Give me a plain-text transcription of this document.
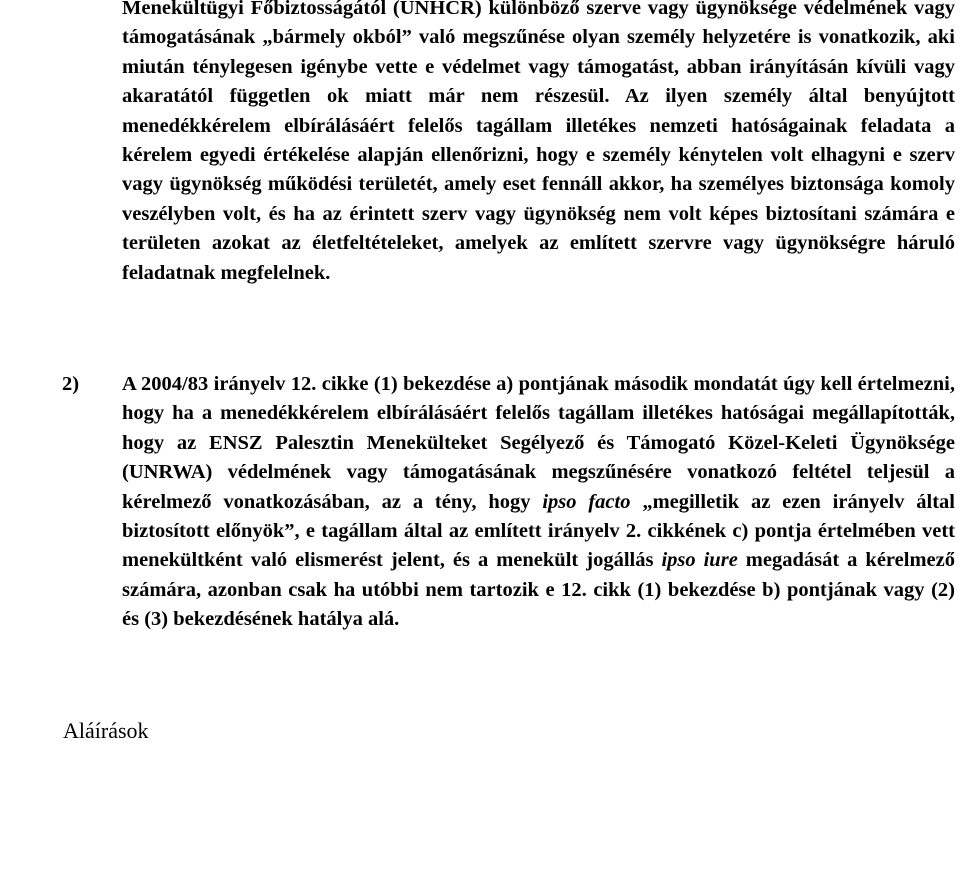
Menekültügyi Főbiztosságától (UNHCR) különböző szerve vagy ügynöksége védelmének vagy támogatásának „bármely okból” való megszűnése olyan személy helyzetére is vonatkozik, aki miután ténylegesen igénybe vette e védelmet vagy támogatást, abban irányításán kívüli vagy akaratától független ok miatt már nem részesül. Az ilyen személy által benyújtott menedékkérelem elbírálásáért felelős tagállam illetékes nemzeti hatóságainak feladata a kérelem egyedi értékelése alapján ellenőrizni, hogy e személy kénytelen volt elhagyni e szerv vagy ügynökség működési területét, amely eset fennáll akkor, ha személyes biztonsága komoly veszélyben volt, és ha az érintett szerv vagy ügynökség nem volt képes biztosítani számára e területen azokat az életfeltételeket, amelyek az említett szervre vagy ügynökségre háruló feladatnak megfelelnek.
2) A 2004/83 irányelv 12. cikke (1) bekezdése a) pontjának második mondatát úgy kell értelmezni, hogy ha a menedékkérelem elbírálásáért felelős tagállam illetékes hatóságai megállapították, hogy az ENSZ Palesztin Menekülteket Segélyező és Támogató Közel-Keleti Ügynöksége (UNRWA) védelmének vagy támogatásának megszűnésére vonatkozó feltétel teljesül a kérelmező vonatkozásában, az a tény, hogy ipso facto „megilletik az ezen irányelv által biztosított előnyök”, e tagállam által az említett irányelv 2. cikkének c) pontja értelmében vett menekültként való elismerést jelent, és a menekült jogállás ipso iure megadását a kérelmező számára, azonban csak ha utóbbi nem tartozik e 12. cikk (1) bekezdése b) pontjának vagy (2) és (3) bekezdésének hatálya alá.
Aláírások
